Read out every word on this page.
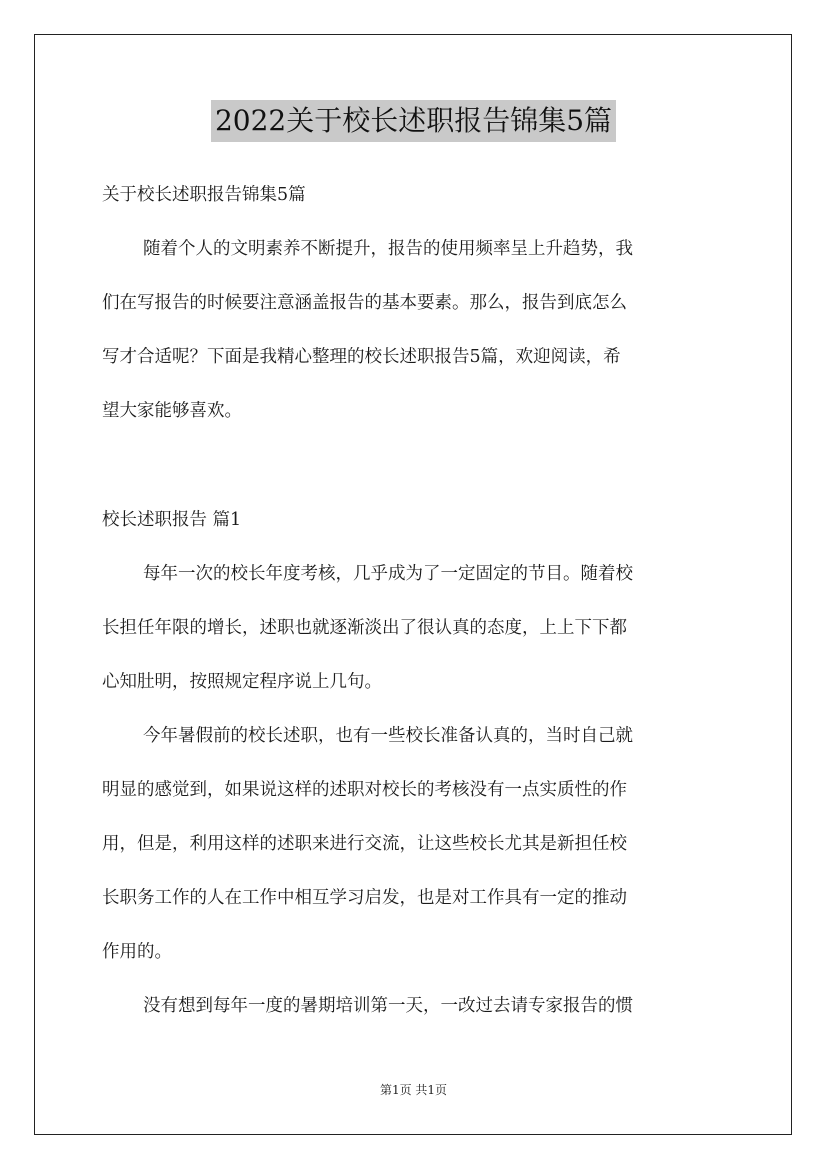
2022关于校长述职报告锦集5篇
关于校长述职报告锦集5篇
随着个人的文明素养不断提升，报告的使用频率呈上升趋势，我
们在写报告的时候要注意涵盖报告的基本要素。那么，报告到底怎么
写才合适呢？下面是我精心整理的校长述职报告5篇，欢迎阅读，希
望大家能够喜欢。
校长述职报告 篇1
每年一次的校长年度考核，几乎成为了一定固定的节目。随着校
长担任年限的增长，述职也就逐渐淡出了很认真的态度，上上下下都
心知肚明，按照规定程序说上几句。
今年暑假前的校长述职，也有一些校长准备认真的，当时自己就
明显的感觉到，如果说这样的述职对校长的考核没有一点实质性的作
用，但是，利用这样的述职来进行交流，让这些校长尤其是新担任校
长职务工作的人在工作中相互学习启发，也是对工作具有一定的推动
作用的。
没有想到每年一度的暑期培训第一天，一改过去请专家报告的惯
第1页 共1页
